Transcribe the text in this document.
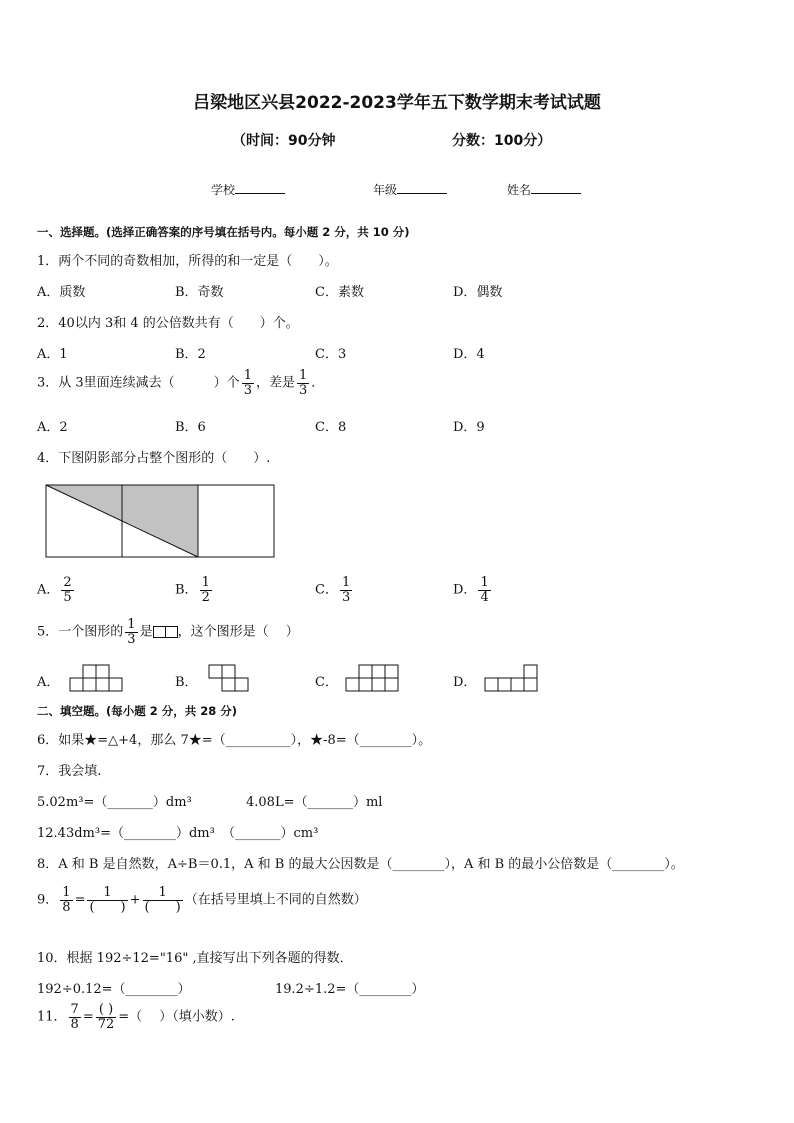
吕梁地区兴县2022-2023学年五下数学期末考试试题
（时间：90分钟	分数：100分）
学校	年级	姓名
一、选择题。(选择正确答案的序号填在括号内。每小题 2 分，共 10 分)
1．两个不同的奇数相加，所得的和一定是（　　）。
A．质数	B．奇数	C．素数	D．偶数
2．40以内 3和 4 的公倍数共有（　　）个。
A．1	B．2	C．3	D．4
3．从 3里面连续减去（　　　）个 $\frac{1}{3}$ ，差是 $\frac{1}{3}$ ．
A．2	B．6	C．8	D．9
4．下图阴影部分占整个图形的（　　）.
A． $\frac{2}{5}$	B． $\frac{1}{2}$	C． $\frac{1}{3}$	D． $\frac{1}{4}$
5．一个图形的 $\frac{1}{3}$ 是 ，这个图形是（　 ）
A．	B．	C．	D．
二、填空题。(每小题 2 分，共 28 分)
6．如果★=△+4，那么 7★=（__________），★-8=（________）。
7．我会填.
5.02m³=（_______）dm³	4.08L=（_______）ml
12.43dm³=（________）dm³ （_______）cm³
8．A 和 B 是自然数，A÷B＝0.1，A 和 B 的最大公因数是（________），A 和 B 的最小公倍数是（________）。
9． $\frac{1}{8} = \frac{1}{( )} + \frac{1}{( )}$ （在括号里填上不同的自然数）
10．根据 192÷12="16" ,直接写出下列各题的得数．
192÷0.12=（________）	19.2÷1.2=（________）
11． $\frac{7}{8} = \frac{( )}{72}$ =（　 ）（填小数）.
